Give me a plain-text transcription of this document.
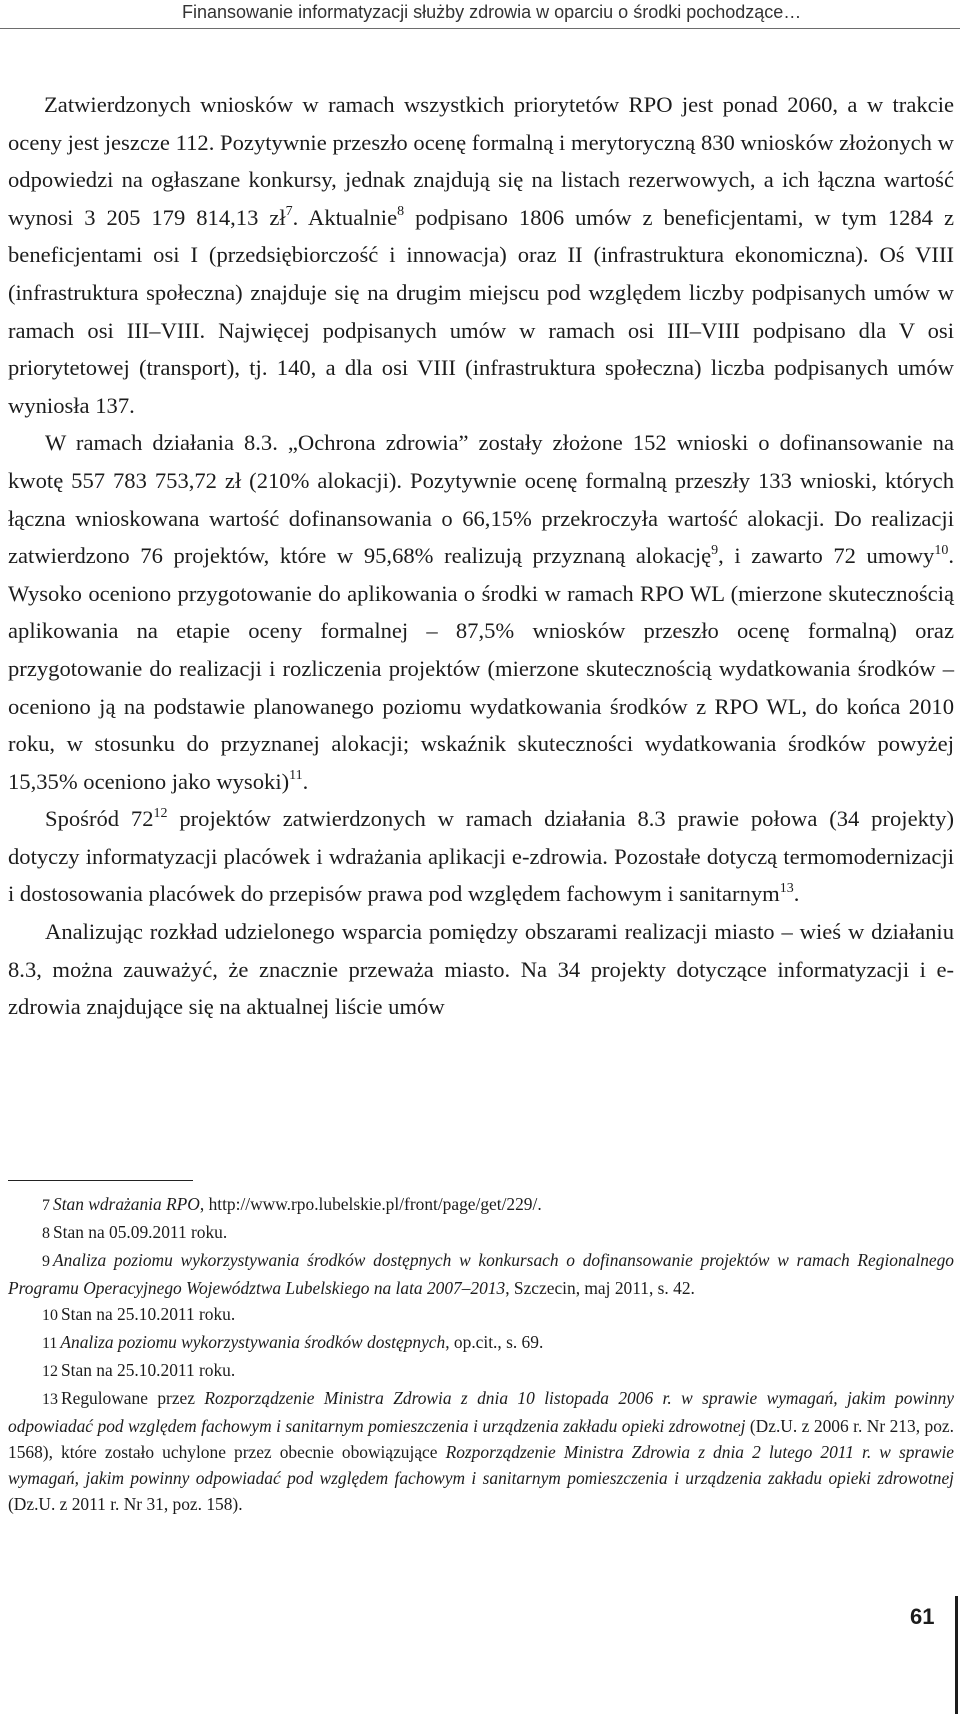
Finansowanie informatyzacji służby zdrowia w oparciu o środki pochodzące…

Zatwierdzonych wniosków w ramach wszystkich priorytetów RPO jest ponad 2060, a w trakcie oceny jest jeszcze 112. Pozytywnie przeszło ocenę formalną i merytoryczną 830 wniosków złożonych w odpowiedzi na ogłaszane konkursy, jednak znajdują się na listach rezerwowych, a ich łączna wartość wynosi 3 205 179 814,13 $zł^7$. Aktualnie$^8$ podpisano 1806 umów z beneficjentami, w tym 1284 z beneficjentami osi I (przedsiębiorczość i innowacja) oraz II (infrastruktura ekonomiczna). Oś VIII (infrastruktura społeczna) znajduje się na drugim miejscu pod względem liczby podpisanych umów w ramach osi III–VIII. Najwięcej podpisanych umów w ramach osi III–VIII podpisano dla V osi priorytetowej (transport), tj. 140, a dla osi VIII (infrastruktura społeczna) liczba podpisanych umów wyniosła 137.

W ramach działania 8.3. „Ochrona zdrowia” zostały złożone 152 wnioski o dofinansowanie na kwotę 557 783 753,72 zł (210% alokacji). Pozytywnie ocenę formalną przeszły 133 wnioski, których łączna wnioskowana wartość dofinansowania o 66,15% przekroczyła wartość alokacji. Do realizacji zatwierdzono 76 projektów, które w 95,68% realizują przyznaną alokację$^9$, i zawarto 72 umowy$^{10}$. Wysoko oceniono przygotowanie do aplikowania o środki w ramach RPO WL (mierzone skutecznością aplikowania na etapie oceny formalnej – 87,5% wniosków przeszło ocenę formalną) oraz przygotowanie do realizacji i rozliczenia projektów (mierzone skutecznością wydatkowania środków – oceniono ją na podstawie planowanego poziomu wydatkowania środków z RPO WL, do końca 2010 roku, w stosunku do przyznanej alokacji; wskaźnik skuteczności wydatkowania środków powyżej 15,35% oceniono jako wysoki)$^{11}$.

Spośród $72^{12}$ projektów zatwierdzonych w ramach działania 8.3 prawie połowa (34 projekty) dotyczy informatyzacji placówek i wdrażania aplikacji e-zdrowia. Pozostałe dotyczą termomodernizacji i dostosowania placówek do przepisów prawa pod względem fachowym i sanitarnym$^{13}$.

Analizując rozkład udzielonego wsparcia pomiędzy obszarami realizacji miasto – wieś w działaniu 8.3, można zauważyć, że znacznie przeważa miasto. Na 34 projekty dotyczące informatyzacji i e-zdrowia znajdujące się na aktualnej liście umów

7 Stan wdrażania RPO, http://www.rpo.lubelskie.pl/front/page/get/229/.

8 Stan na 05.09.2011 roku.

9 Analiza poziomu wykorzystywania środków dostępnych w konkursach o dofinansowanie projektów w ramach Regionalnego Programu Operacyjnego Województwa Lubelskiego na lata 2007–2013, Szczecin, maj 2011, s. 42.

10 Stan na 25.10.2011 roku.

11 Analiza poziomu wykorzystywania środków dostępnych, op.cit., s. 69.

12 Stan na 25.10.2011 roku.

13 Regulowane przez Rozporządzenie Ministra Zdrowia z dnia 10 listopada 2006 r. w sprawie wymagań, jakim powinny odpowiadać pod względem fachowym i sanitarnym pomieszczenia i urządzenia zakładu opieki zdrowotnej (Dz.U. z 2006 r. Nr 213, poz. 1568), które zostało uchylone przez obecnie obowiązujące Rozporządzenie Ministra Zdrowia z dnia 2 lutego 2011 r. w sprawie wymagań, jakim powinny odpowiadać pod względem fachowym i sanitarnym pomieszczenia i urządzenia zakładu opieki zdrowotnej (Dz.U. z 2011 r. Nr 31, poz. 158).

61
